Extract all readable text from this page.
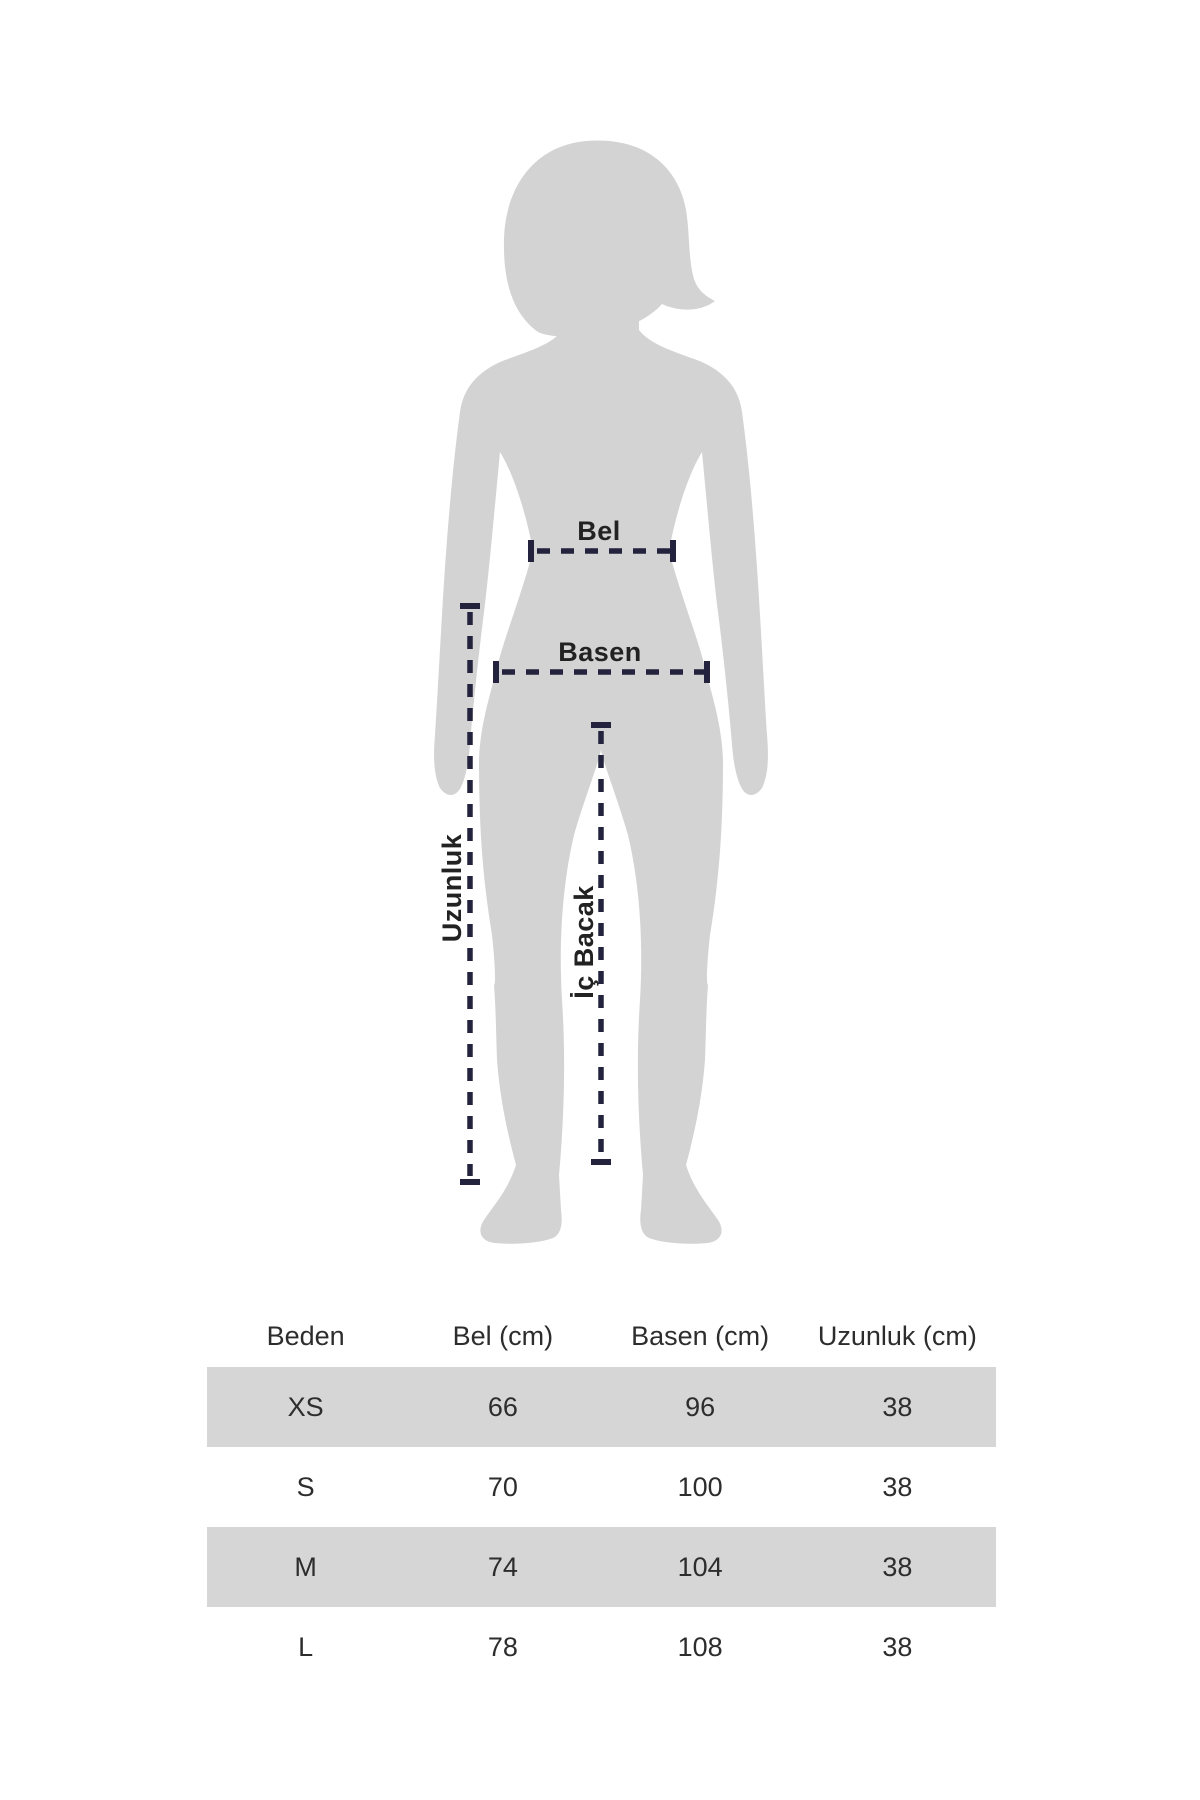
Bel
Basen
Uzunluk	İç Bacak
Beden	Bel (cm)	Basen (cm)	Uzunluk (cm)
XS	66	96	38
S	70	100	38
M	74	104	38
L	78	108	38
